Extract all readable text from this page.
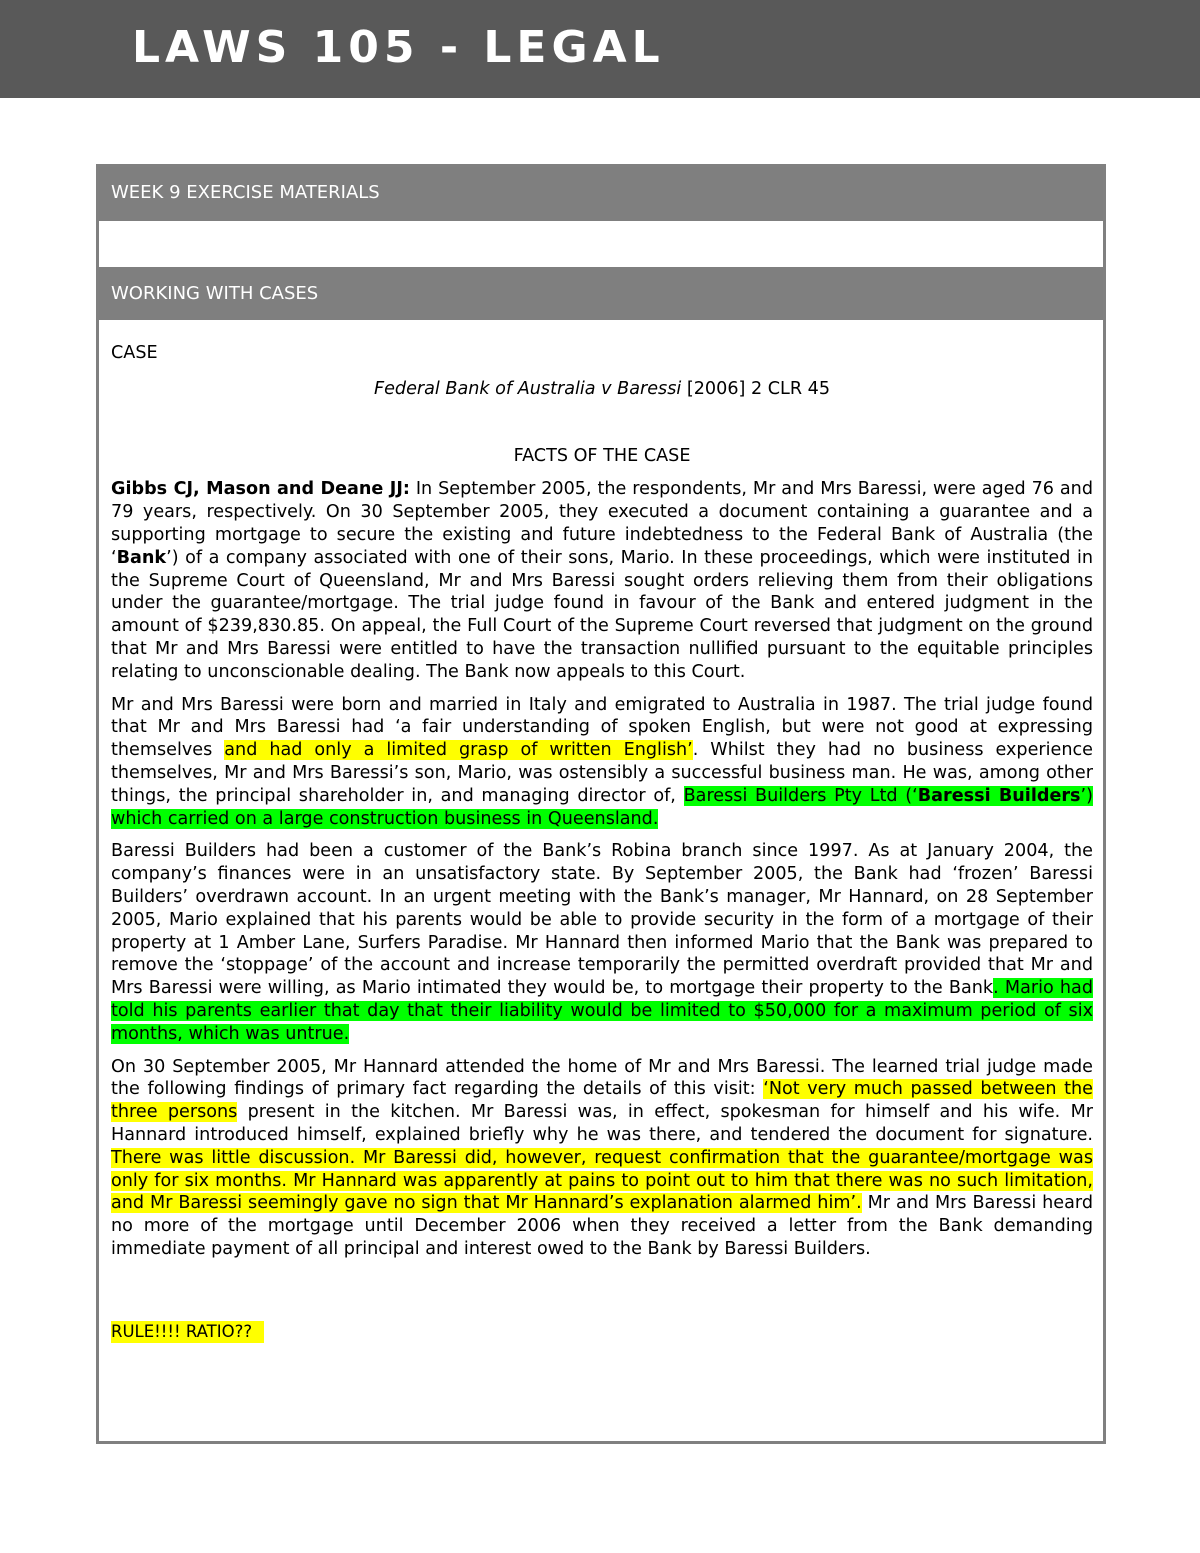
LAWS 105 - LEGAL
WEEK 9 EXERCISE MATERIALS
WORKING WITH CASES
CASE
Federal Bank of Australia v Baressi [2006] 2 CLR 45
FACTS OF THE CASE

Gibbs CJ, Mason and Deane JJ: In September 2005, the respondents, Mr and Mrs Baressi, were aged 76 and 79 years, respectively. On 30 September 2005, they executed a document containing a guarantee and a supporting mortgage to secure the existing and future indebtedness to the Federal Bank of Australia (the ‘Bank’) of a company associated with one of their sons, Mario. In these proceedings, which were instituted in the Supreme Court of Queensland, Mr and Mrs Baressi sought orders relieving them from their obligations under the guarantee/mortgage. The trial judge found in favour of the Bank and entered judgment in the amount of $239,830.85. On appeal, the Full Court of the Supreme Court reversed that judgment on the ground that Mr and Mrs Baressi were entitled to have the transaction nullified pursuant to the equitable principles relating to unconscionable dealing. The Bank now appeals to this Court.

Mr and Mrs Baressi were born and married in Italy and emigrated to Australia in 1987. The trial judge found that Mr and Mrs Baressi had ‘a fair understanding of spoken English, but were not good at expressing themselves and had only a limited grasp of written English’. Whilst they had no business experience themselves, Mr and Mrs Baressi’s son, Mario, was ostensibly a successful business man. He was, among other things, the principal shareholder in, and managing director of, Baressi Builders Pty Ltd (‘Baressi Builders’) which carried on a large construction business in Queensland.

Baressi Builders had been a customer of the Bank’s Robina branch since 1997. As at January 2004, the company’s finances were in an unsatisfactory state. By September 2005, the Bank had ‘frozen’ Baressi Builders’ overdrawn account. In an urgent meeting with the Bank’s manager, Mr Hannard, on 28 September 2005, Mario explained that his parents would be able to provide security in the form of a mortgage of their property at 1 Amber Lane, Surfers Paradise. Mr Hannard then informed Mario that the Bank was prepared to remove the ‘stoppage’ of the account and increase temporarily the permitted overdraft provided that Mr and Mrs Baressi were willing, as Mario intimated they would be, to mortgage their property to the Bank. Mario had told his parents earlier that day that their liability would be limited to $50,000 for a maximum period of six months, which was untrue.

On 30 September 2005, Mr Hannard attended the home of Mr and Mrs Baressi. The learned trial judge made the following findings of primary fact regarding the details of this visit: ‘Not very much passed between the three persons present in the kitchen. Mr Baressi was, in effect, spokesman for himself and his wife. Mr Hannard introduced himself, explained briefly why he was there, and tendered the document for signature. There was little discussion. Mr Baressi did, however, request confirmation that the guarantee/mortgage was only for six months. Mr Hannard was apparently at pains to point out to him that there was no such limitation, and Mr Baressi seemingly gave no sign that Mr Hannard’s explanation alarmed him’. Mr and Mrs Baressi heard no more of the mortgage until December 2006 when they received a letter from the Bank demanding immediate payment of all principal and interest owed to the Bank by Baressi Builders.

RULE!!!! RATIO??
